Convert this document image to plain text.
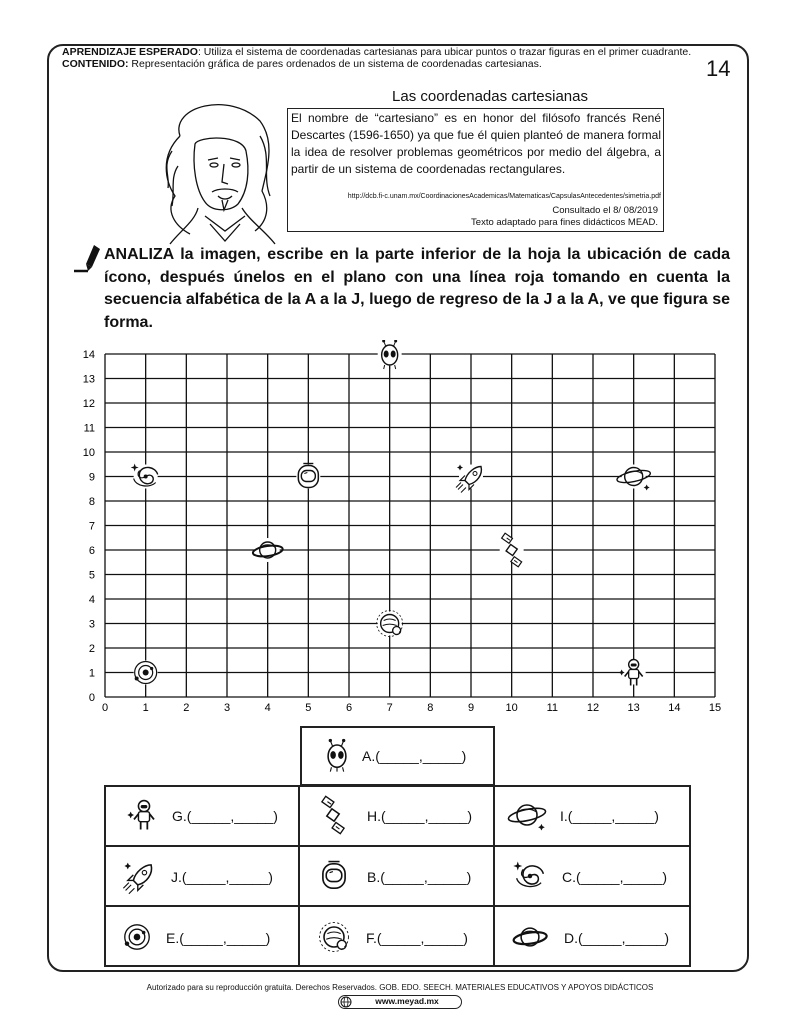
APRENDIZAJE ESPERADO: Utiliza el sistema de coordenadas cartesianas para ubicar puntos o trazar figuras en el primer cuadrante.
CONTENIDO: Representación gráfica de pares ordenados de un sistema de coordenadas cartesianas.	14
Las coordenadas cartesianas
El nombre de “cartesiano” es en honor del filósofo francés René Descartes (1596-1650) ya que fue él quien planteó de manera formal la idea de resolver problemas geométricos por medio del álgebra, a partir de un sistema de coordenadas rectangulares.
http://dcb.fi-c.unam.mx/CoordinacionesAcademicas/Matematicas/CapsulasAntecedentes/simetria.pdf
Consultado el 8/ 08/2019
Texto adaptado para fines didácticos MEAD.
ANALIZA la imagen, escribe en la parte inferior de la hoja la ubicación de cada ícono, después únelos en el plano con una línea roja tomando en cuenta la secuencia alfabética de la A a la J, luego de regreso de la J a la A, ve que figura se forma.
0	1	2	3	4	5	6	7	8	9	10	11	12	13	14	15
0
1
2
3
4
5
6
7
8
9
10
11
12
13
14
A.(_____,_____)
G.(_____,_____)	H.(_____,_____)	I.(_____,_____)
J.(_____,_____)	B.(_____,_____)	C.(_____,_____)
E.(_____,_____)	F.(_____,_____)	D.(_____,_____)
Autorizado para su reproducción gratuita. Derechos Reservados. GOB. EDO. SEECH. MATERIALES EDUCATIVOS Y APOYOS DIDÁCTICOS
www.meyad.mx
